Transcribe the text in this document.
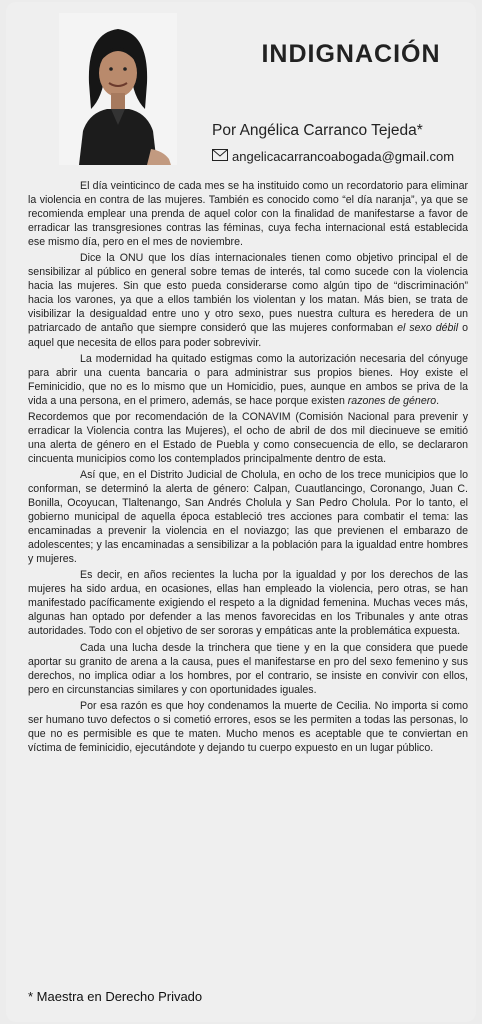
INDIGNACIÓN
Por Angélica Carranco Tejeda*
angelicacarrancoabogada@gmail.com

El día veinticinco de cada mes se ha instituido como un recordatorio para eliminar la violencia en contra de las mujeres. También es conocido como “el día naranja”, ya que se recomienda emplear una prenda de aquel color con la finalidad de manifestarse a favor de erradicar las transgresiones contras las féminas, cuya fecha internacional está establecida ese mismo día, pero en el mes de noviembre.

Dice la ONU que los días internacionales tienen como objetivo principal el de sensibilizar al público en general sobre temas de interés, tal como sucede con la violencia hacia las mujeres. Sin que esto pueda considerarse como algún tipo de “discriminación” hacia los varones, ya que a ellos también los violentan y los matan. Más bien, se trata de visibilizar la desigualdad entre uno y otro sexo, pues nuestra cultura es heredera de un patriarcado de antaño que siempre consideró que las mujeres conformaban el sexo débil o aquel que necesita de ellos para poder sobrevivir.

La modernidad ha quitado estigmas como la autorización necesaria del cónyuge para abrir una cuenta bancaria o para administrar sus propios bienes. Hoy existe el Feminicidio, que no es lo mismo que un Homicidio, pues, aunque en ambos se priva de la vida a una persona, en el primero, además, se hace porque existen razones de género.

Recordemos que por recomendación de la CONAVIM (Comisión Nacional para prevenir y erradicar la Violencia contra las Mujeres), el ocho de abril de dos mil diecinueve se emitió una alerta de género en el Estado de Puebla y como consecuencia de ello, se declararon cincuenta municipios como los contemplados principalmente dentro de esta.

Así que, en el Distrito Judicial de Cholula, en ocho de los trece municipios que lo conforman, se determinó la alerta de género: Calpan, Cuautlancingo, Coronango, Juan C. Bonilla, Ocoyucan, Tlaltenango, San Andrés Cholula y San Pedro Cholula. Por lo tanto, el gobierno municipal de aquella época estableció tres acciones para combatir el tema: las encaminadas a prevenir la violencia en el noviazgo; las que previenen el embarazo de adolescentes; y las encaminadas a sensibilizar a la población para la igualdad entre hombres y mujeres.

Es decir, en años recientes la lucha por la igualdad y por los derechos de las mujeres ha sido ardua, en ocasiones, ellas han empleado la violencia, pero otras, se han manifestado pacíficamente exigiendo el respeto a la dignidad femenina. Muchas veces más, algunas han optado por defender a las menos favorecidas en los Tribunales y ante otras autoridades. Todo con el objetivo de ser sororas y empáticas ante la problemática expuesta.

Cada una lucha desde la trinchera que tiene y en la que considera que puede aportar su granito de arena a la causa, pues el manifestarse en pro del sexo femenino y sus derechos, no implica odiar a los hombres, por el contrario, se insiste en convivir con ellos, pero en circunstancias similares y con oportunidades iguales.

Por esa razón es que hoy condenamos la muerte de Cecilia. No importa si como ser humano tuvo defectos o si cometió errores, esos se les permiten a todas las personas, lo que no es permisible es que te maten. Mucho menos es aceptable que te conviertan en víctima de feminicidio, ejecutándote y dejando tu cuerpo expuesto en un lugar público.

* Maestra en Derecho Privado
